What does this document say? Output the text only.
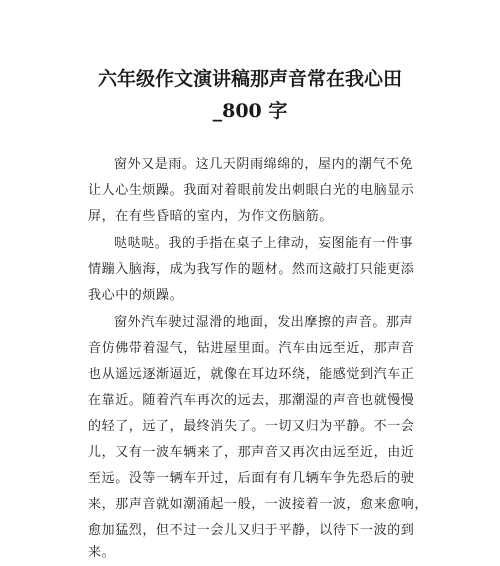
六年级作文演讲稿那声音常在我心田
_800 字
窗外又是雨。这几天阴雨绵绵的，屋内的潮气不免
让人心生烦躁。我面对着眼前发出刺眼白光的电脑显示
屏，在有些昏暗的室内，为作文伤脑筋。
哒哒哒。我的手指在桌子上律动，妄图能有一件事
情蹦入脑海，成为我写作的题材。然而这敲打只能更添
我心中的烦躁。
窗外汽车驶过湿滑的地面，发出摩擦的声音。那声
音仿佛带着湿气，钻进屋里面。汽车由远至近，那声音
也从遥远逐渐逼近，就像在耳边环绕，能感觉到汽车正
在靠近。随着汽车再次的远去，那潮湿的声音也就慢慢
的轻了，远了，最终消失了。一切又归为平静。不一会
儿，又有一波车辆来了，那声音又再次由远至近，由近
至远。没等一辆车开过，后面有有几辆车争先恐后的驶
来，那声音就如潮涌起一般，一波接着一波，愈来愈响，
愈加猛烈，但不过一会儿又归于平静，以待下一波的到
来。
